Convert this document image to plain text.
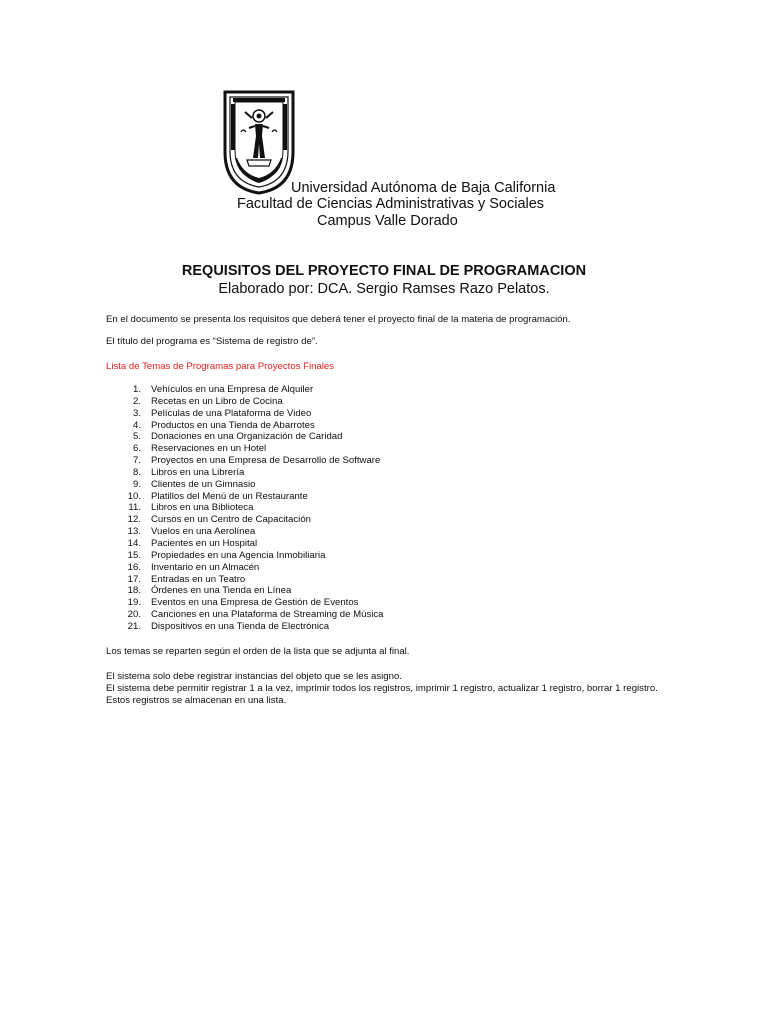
Universidad Autónoma de Baja California
Facultad de Ciencias Administrativas y Sociales
Campus Valle Dorado
REQUISITOS DEL PROYECTO FINAL DE PROGRAMACION
Elaborado por: DCA. Sergio Ramses Razo Pelatos.

En el documento se presenta los requisitos que deberá tener el proyecto final de la materia de programación.

El título del programa es “Sistema de registro de”.

Lista de Temas de Programas para Proyectos Finales

1. Vehículos en una Empresa de Alquiler
2. Recetas en un Libro de Cocina
3. Películas de una Plataforma de Video
4. Productos en una Tienda de Abarrotes
5. Donaciones en una Organización de Caridad
6. Reservaciones en un Hotel
7. Proyectos en una Empresa de Desarrollo de Software
8. Libros en una Librería
9. Clientes de un Gimnasio
10. Platillos del Menú de un Restaurante
11. Libros en una Biblioteca
12. Cursos en un Centro de Capacitación
13. Vuelos en una Aerolínea
14. Pacientes en un Hospital
15. Propiedades en una Agencia Inmobiliaria
16. Inventario en un Almacén
17. Entradas en un Teatro
18. Órdenes en una Tienda en Línea
19. Eventos en una Empresa de Gestión de Eventos
20. Canciones en una Plataforma de Streaming de Música
21. Dispositivos en una Tienda de Electrónica

Los temas se reparten según el orden de la lista que se adjunta al final.

El sistema solo debe registrar instancias del objeto que se les asigno.
El sistema debe permitir registrar 1 a la vez, imprimir todos los registros, imprimir 1 registro, actualizar 1 registro, borrar 1 registro.
Estos registros se almacenan en una lista.
